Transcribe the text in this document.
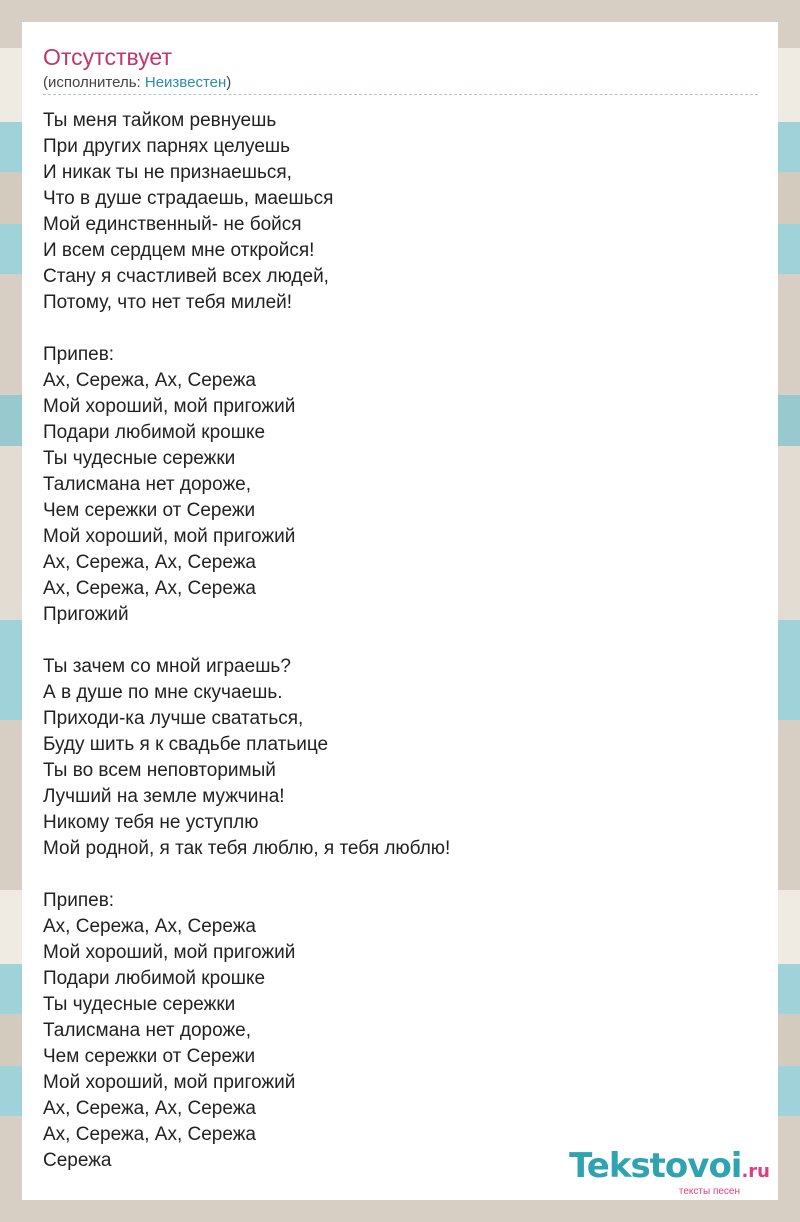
Отсутствует
(исполнитель: Неизвестен)
Ты меня тайком ревнуешь
При других парнях целуешь
И никак ты не признаешься,
Что в душе страдаешь, маешься
Мой единственный- не бойся
И всем сердцем мне откройся!
Стану я счастливей всех людей,
Потому, что нет тебя милей!
Припев:
Ах, Сережа, Ах, Сережа
Мой хороший, мой пригожий
Подари любимой крошке
Ты чудесные сережки
Талисмана нет дороже,
Чем сережки от Сережи
Мой хороший, мой пригожий
Ах, Сережа, Ах, Сережа
Ах, Сережа, Ах, Сережа
Пригожий
Ты зачем со мной играешь?
А в душе по мне скучаешь.
Приходи-ка лучше свататься,
Буду шить я к свадьбе платьице
Ты во всем неповторимый
Лучший на земле мужчина!
Никому тебя не уступлю
Мой родной, я так тебя люблю, я тебя люблю!
Припев:
Ах, Сережа, Ах, Сережа
Мой хороший, мой пригожий
Подари любимой крошке
Ты чудесные сережки
Талисмана нет дороже,
Чем сережки от Сережи
Мой хороший, мой пригожий
Ах, Сережа, Ах, Сережа
Ах, Сережа, Ах, Сережа
Сережа	Tekstovoi.ru
тексты песен
